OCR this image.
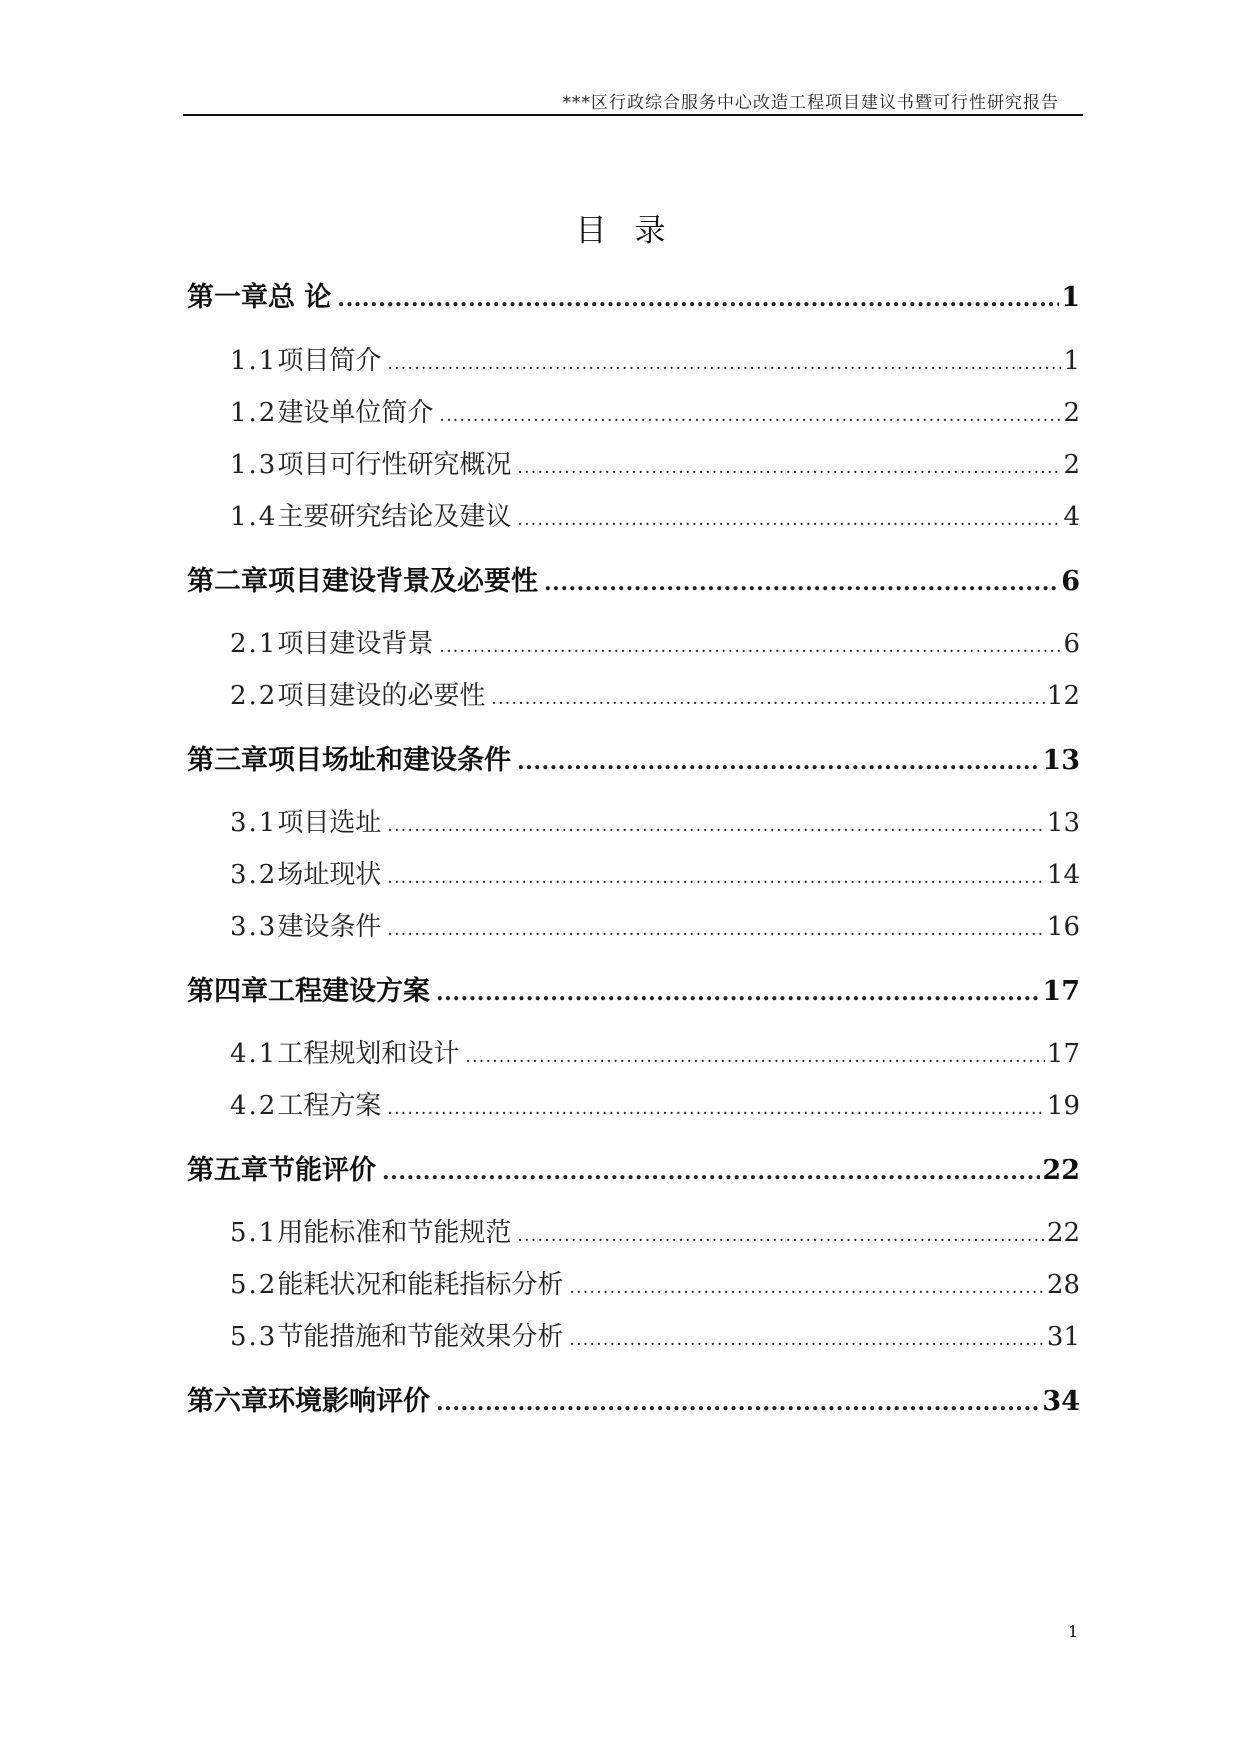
***区行政综合服务中心改造工程项目建议书暨可行性研究报告
目录
第一章 总 论 .....	1
1.1 项目简介 .....	1
1.2 建设单位简介 .....	2
1.3 项目可行性研究概况 .....	2
1.4 主要研究结论及建议 .....	4
第二章 项目建设背景及必要性 .....	6
2.1 项目建设背景 .....	6
2.2 项目建设的必要性 .....	12
第三章 项目场址和建设条件 .....	13
3.1 项目选址 .....	13
3.2 场址现状 .....	14
3.3 建设条件 .....	16
第四章 工程建设方案 .....	17
4.1 工程规划和设计 .....	17
4.2 工程方案 .....	19
第五章 节能评价 .....	22
5.1 用能标准和节能规范 .....	22
5.2 能耗状况和能耗指标分析 .....	28
5.3 节能措施和节能效果分析 .....	31
第六章 环境影响评价 .....	34
1
